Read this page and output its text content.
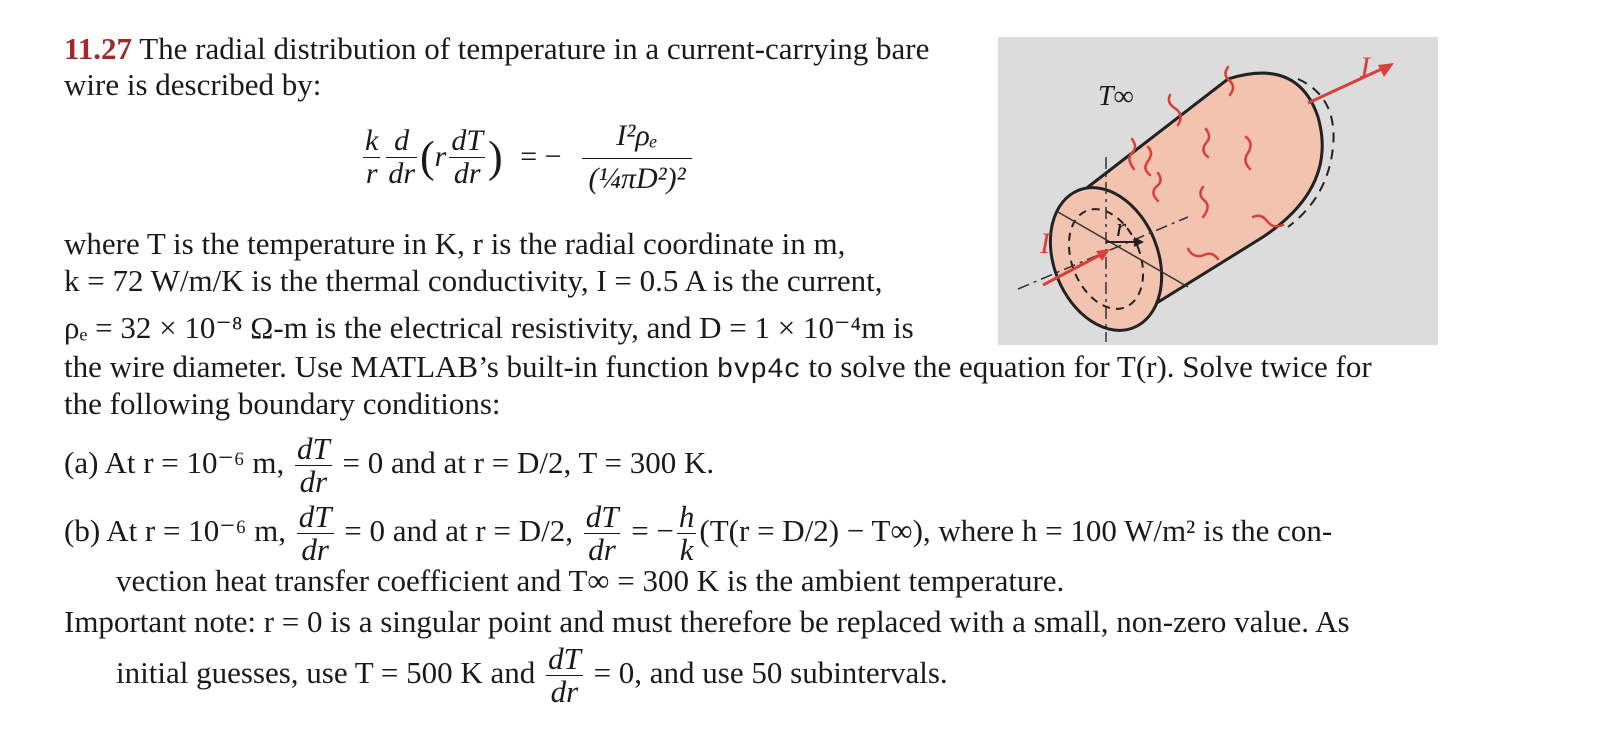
11.27 The radial distribution of temperature in a current-carrying bare
wire is described by:
$\frac{k}{r} \frac{d}{dr} (r \frac{dT}{dr}$ ) = − $\frac{\text{I²ρₑ}}{\text{(¼πD²)²}}$
where T is the temperature in K, r is the radial coordinate in m,
k = 72 W/m/K is the thermal conductivity, I = 0.5 A is the current,
ρₑ = 32 × 10⁻⁸ Ω-m is the electrical resistivity, and D = 1 × 10⁻⁴m is
the wire diameter. Use MATLAB’s built-in function bvp4c to solve the equation for T(r). Solve twice for
the following boundary conditions:
(a) At r = 10⁻⁶ m, $\frac{dT}{dr} = 0$ and at r = D/2, T = 300 K.
(b) At r = 10⁻⁶ m, $\frac{dT}{dr} = 0$ and at r = D/2, $\frac{dT}{dr}$ = − $\frac{h}{k} (T(r = D/2) - T\infty)$, where h = 100 W/m² is the con-
vection heat transfer coefficient and T∞ = 300 K is the ambient temperature.
Important note: r = 0 is a singular point and must therefore be replaced with a small, non-zero value. As
initial guesses, use T = 500 K and $\frac{dT}{dr} = 0$, and use 50 subintervals.
T∞
I
I	r
